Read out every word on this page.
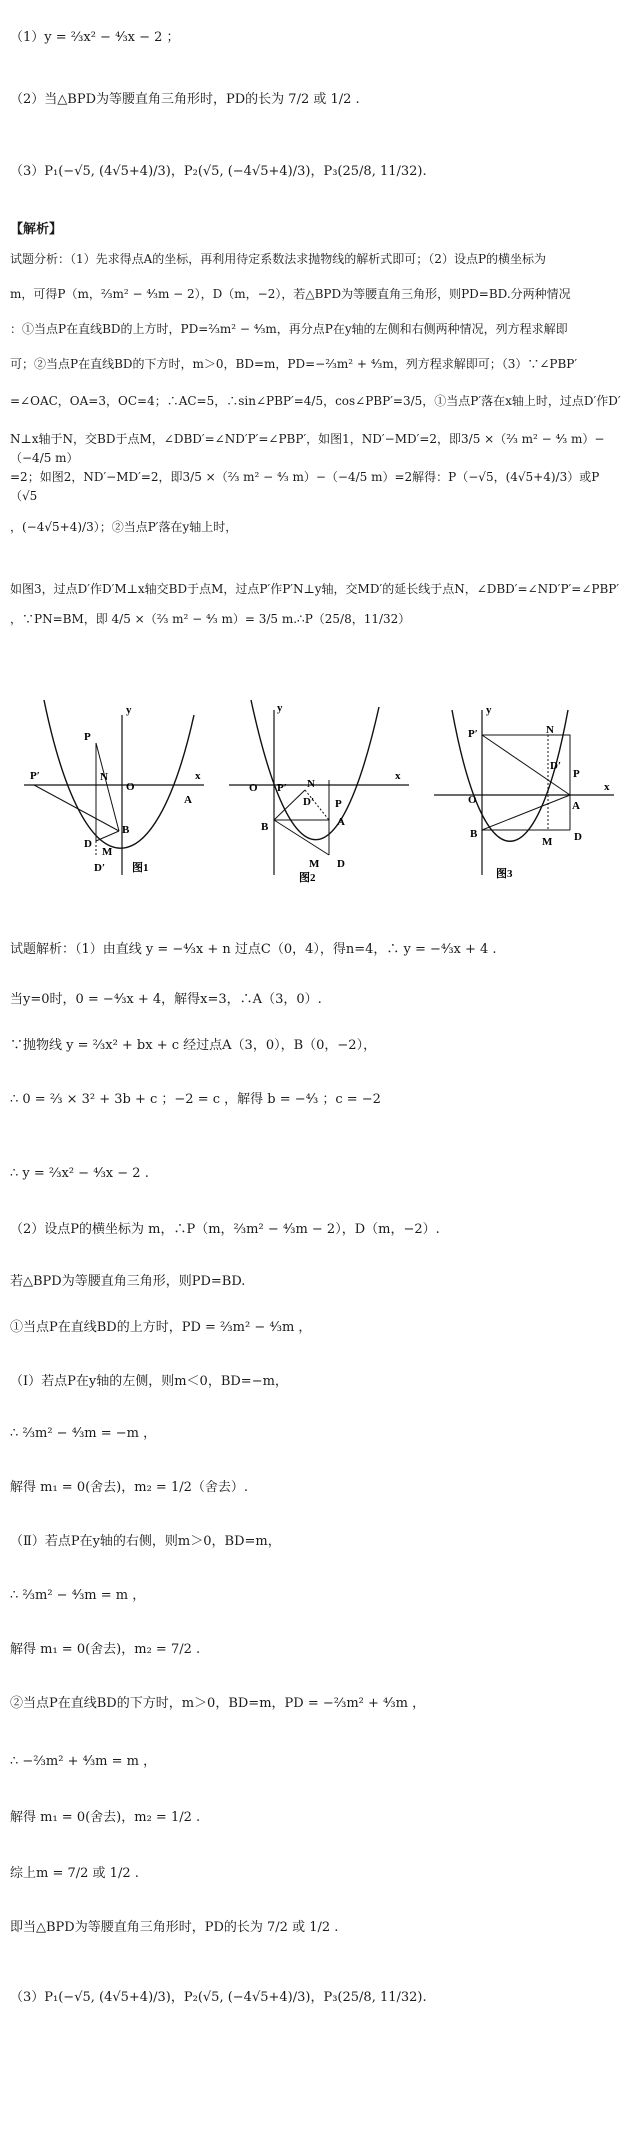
（1）y = ⅔x² − ⁴⁄₃x − 2 ；
（2）当△BPD为等腰直角三角形时，PD的长为 7/2 或 1/2 .
（3）P₁(−√5, (4√5+4)/3)，P₂(√5, (−4√5+4)/3)，P₃(25/8, 11/32).
【解析】
试题分析：（1）先求得点A的坐标，再利用待定系数法求抛物线的解析式即可；（2）设点P的横坐标为
m，可得P（m，⅔m² − ⁴⁄₃m − 2），D（m，−2），若△BPD为等腰直角三角形，则PD=BD.分两种情况
：①当点P在直线BD的上方时，PD=⅔m² − ⁴⁄₃m，再分点P在y轴的左侧和右侧两种情况，列方程求解即
可；②当点P在直线BD的下方时，m＞0，BD=m，PD=−⅔m² + ⁴⁄₃m，列方程求解即可；（3）∵∠PBP′
=∠OAC，OA=3，OC=4；∴AC=5，∴sin∠PBP′=4/5，cos∠PBP′=3/5，①当点P′落在x轴上时，过点D′作D′
N⊥x轴于N，交BD于点M，∠DBD′=∠ND′P′=∠PBP′，如图1，ND′−MD′=2，即3/5 ×（⅔ m² − ⁴⁄₃ m）−（−4/5 m）
=2；如图2，ND′−MD′=2，即3/5 ×（⅔ m² − ⁴⁄₃ m）−（−4/5 m）=2解得：P（−√5，(4√5+4)/3）或P（√5
，(−4√5+4)/3）；②当点P′落在y轴上时，
如图3，过点D′作D′M⊥x轴交BD于点M，过点P′作P′N⊥y轴，交MD′的延长线于点N，∠DBD′=∠ND′P′=∠PBP′
，∵PN=BM，即 4/5 ×（⅔ m² − ⁴⁄₃ m）= 3/5 m.∴P（25/8，11/32）
P′
P
N
O
x
y
A
B
D
M
D′ 图1
O P′ N
D′
x
y
P
A
B
M D
图2
P′	N
y
D′
O
x
P
A
B
M D
图3
试题解析：（1）由直线 y = −⁴⁄₃x + n 过点C（0，4），得n=4，∴ y = −⁴⁄₃x + 4 .
当y=0时，0 = −⁴⁄₃x + 4，解得x=3，∴A（3，0）.
∵抛物线 y = ⅔x² + bx + c 经过点A（3，0），B（0，−2），
∴ 0 = ⅔ × 3² + 3b + c ；−2 = c ，解得 b = −⁴⁄₃ ；c = −2
∴ y = ⅔x² − ⁴⁄₃x − 2 .
（2）设点P的横坐标为 m，∴P（m，⅔m² − ⁴⁄₃m − 2），D（m，−2）.
若△BPD为等腰直角三角形，则PD=BD.
①当点P在直线BD的上方时，PD = ⅔m² − ⁴⁄₃m ，
（Ⅰ）若点P在y轴的左侧，则m＜0，BD=−m，
∴ ⅔m² − ⁴⁄₃m = −m ，
解得 m₁ = 0(舍去)，m₂ = 1/2（舍去）.
（Ⅱ）若点P在y轴的右侧，则m＞0，BD=m，
∴ ⅔m² − ⁴⁄₃m = m ，
解得 m₁ = 0(舍去)，m₂ = 7/2 .
②当点P在直线BD的下方时，m＞0，BD=m，PD = −⅔m² + ⁴⁄₃m ，
∴ −⅔m² + ⁴⁄₃m = m ，
解得 m₁ = 0(舍去)，m₂ = 1/2 .
综上m = 7/2 或 1/2 .
即当△BPD为等腰直角三角形时，PD的长为 7/2 或 1/2 .
（3）P₁(−√5, (4√5+4)/3)，P₂(√5, (−4√5+4)/3)，P₃(25/8, 11/32).
